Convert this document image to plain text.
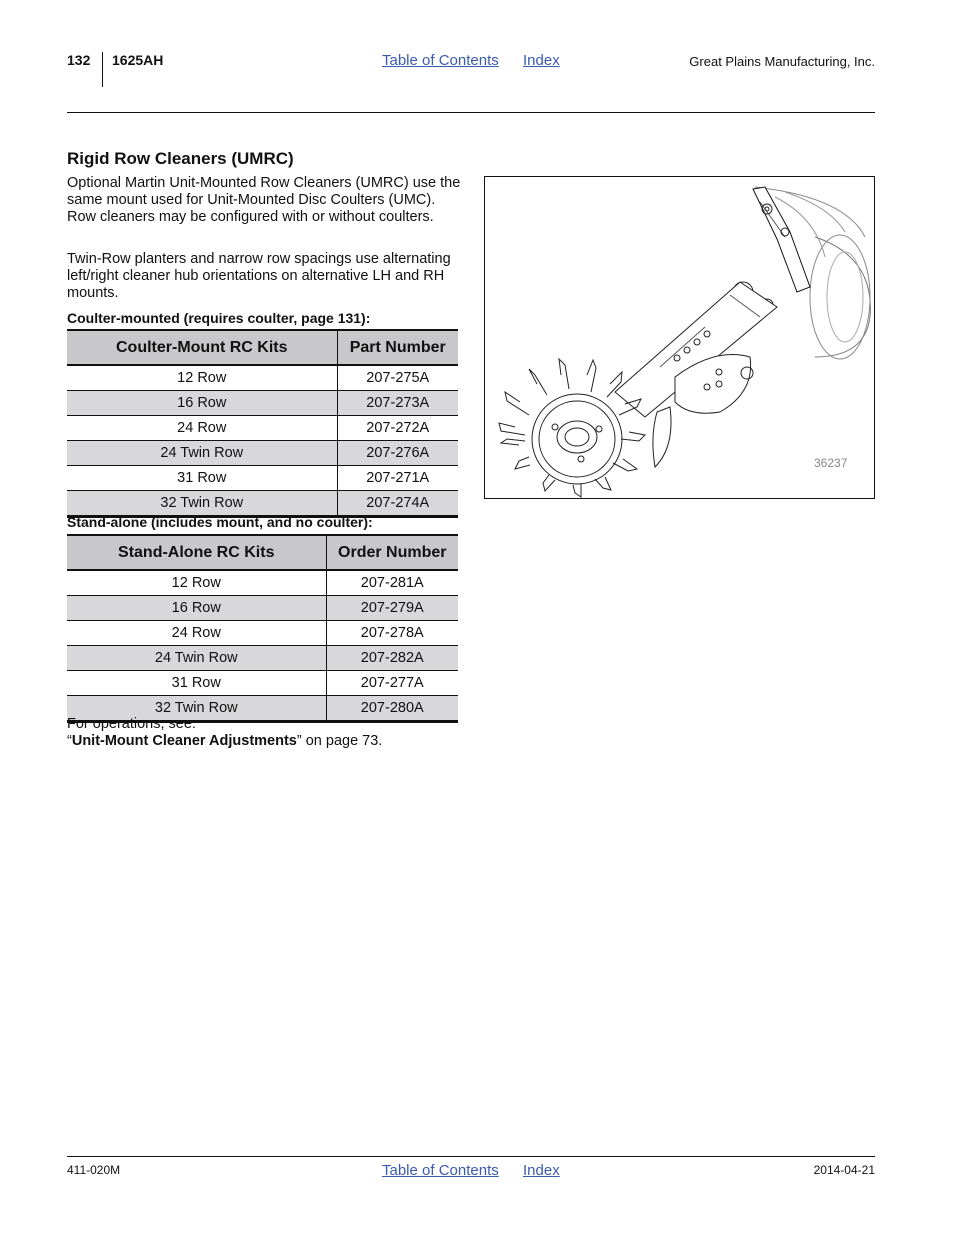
132 1625AH	Table of Contents Index	Great Plains Manufacturing, Inc.
Rigid Row Cleaners (UMRC)
Optional Martin Unit-Mounted Row Cleaners (UMRC) use the same mount used for Unit-Mounted Disc Coulters (UMC). Row cleaners may be configured with or without coulters.
Twin-Row planters and narrow row spacings use alternating left/right cleaner hub orientations on alternative LH and RH mounts.
Coulter-mounted (requires coulter, page 131):
Coulter-Mount RC Kits	Part Number
12 Row	207-275A
16 Row	207-273A
24 Row	207-272A
24 Twin Row	207-276A
31 Row	207-271A
32 Twin Row	207-274A
Stand-alone (includes mount, and no coulter):
Stand-Alone RC Kits	Order Number
12 Row	207-281A
16 Row	207-279A
24 Row	207-278A
24 Twin Row	207-282A
31 Row	207-277A
32 Twin Row	207-280A
For operations, see:
“Unit-Mount Cleaner Adjustments” on page 73.
36237
411-020M	Table of Contents Index	2014-04-21
